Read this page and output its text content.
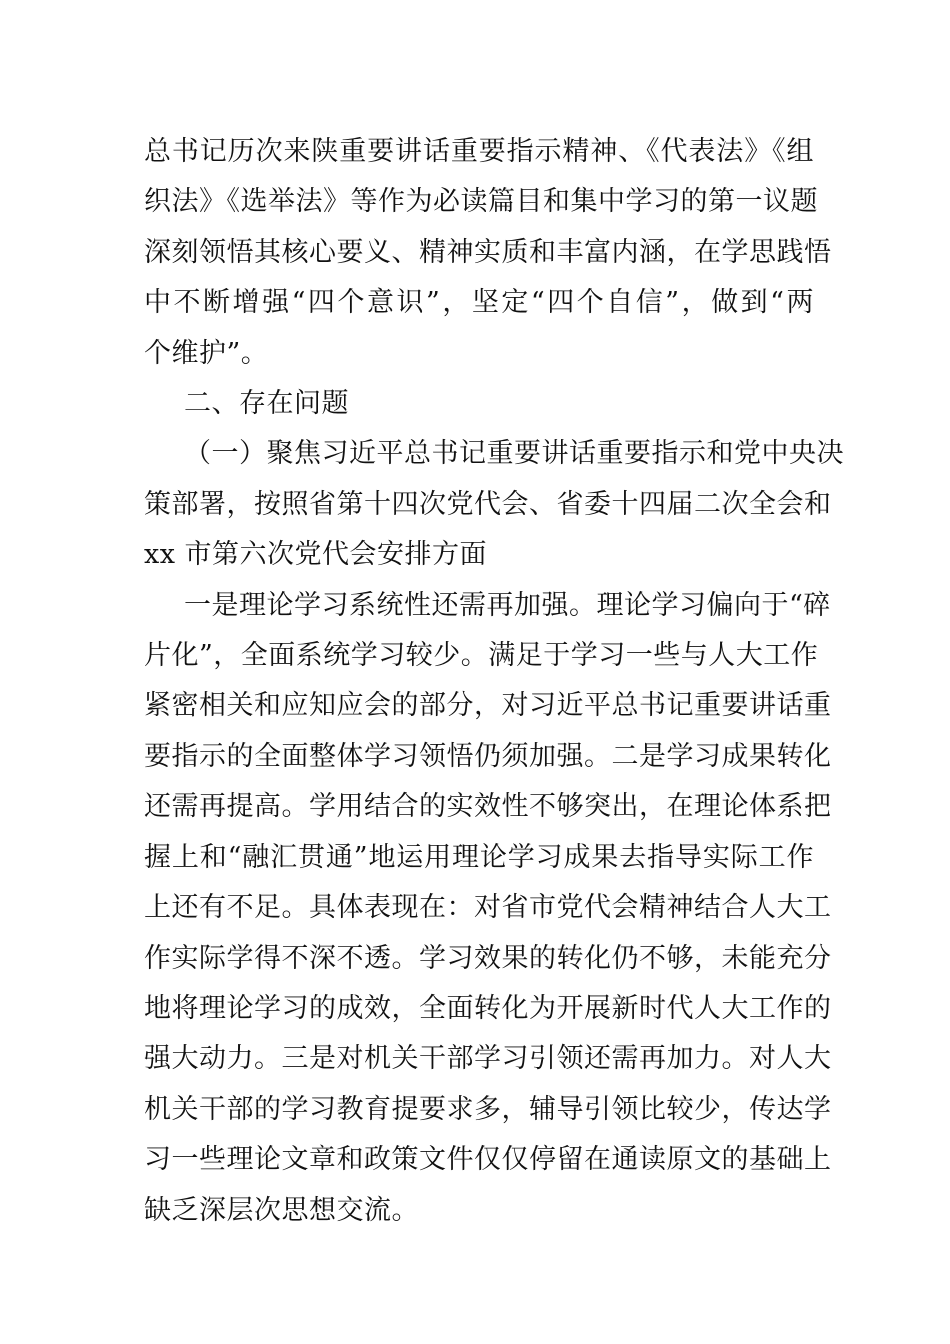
总书记历次来陕重要讲话重要指示精神、《代表法》《组
织法》《选举法》等作为必读篇目和集中学习的第一议题
深刻领悟其核心要义、精神实质和丰富内涵，在学思践悟
中不断增强“四个意识”，坚定“四个自信”，做到“两
个维护”。

二、存在问题

（一）聚焦习近平总书记重要讲话重要指示和党中央决
策部署，按照省第十四次党代会、省委十四届二次全会和
xx 市第六次党代会安排方面

一是理论学习系统性还需再加强。理论学习偏向于“碎
片化”，全面系统学习较少。满足于学习一些与人大工作
紧密相关和应知应会的部分，对习近平总书记重要讲话重
要指示的全面整体学习领悟仍须加强。二是学习成果转化
还需再提高。学用结合的实效性不够突出，在理论体系把
握上和“融汇贯通”地运用理论学习成果去指导实际工作
上还有不足。具体表现在：对省市党代会精神结合人大工
作实际学得不深不透。学习效果的转化仍不够，未能充分
地将理论学习的成效，全面转化为开展新时代人大工作的
强大动力。三是对机关干部学习引领还需再加力。对人大
机关干部的学习教育提要求多，辅导引领比较少，传达学
习一些理论文章和政策文件仅仅停留在通读原文的基础上
缺乏深层次思想交流。
